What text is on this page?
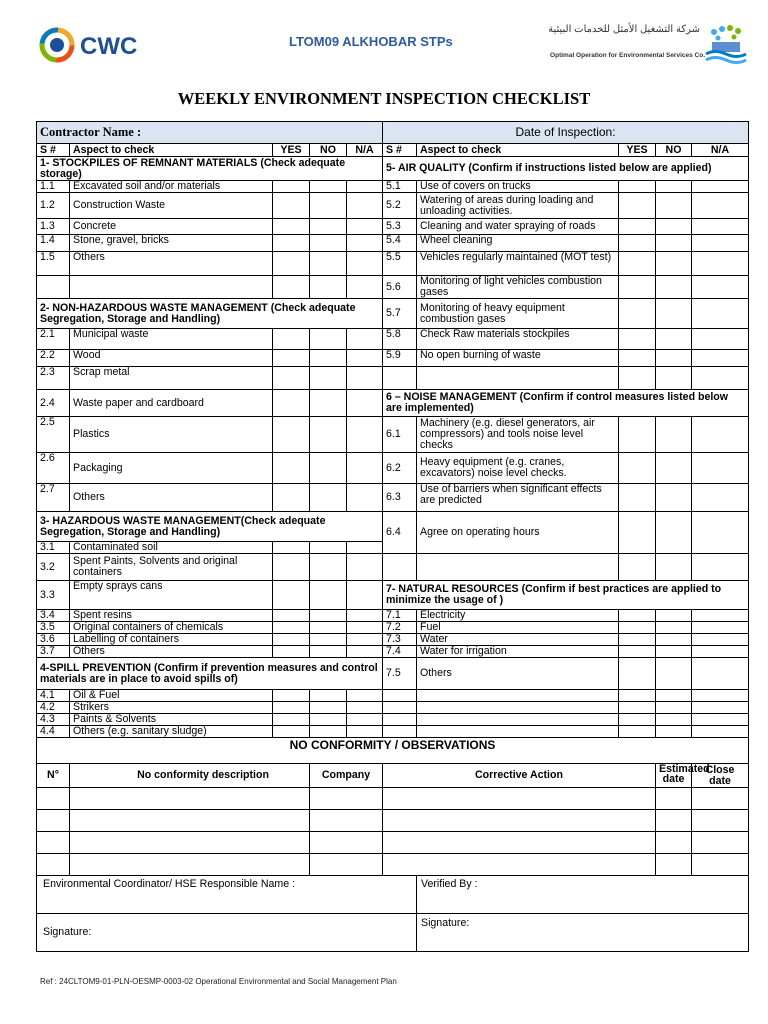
CWC	LTOM09 ALKHOBAR STPs
شركة التشغيل الأمثل للخدمات البيئية
Optimal Operation for Environmental Services Co.
WEEKLY ENVIRONMENT INSPECTION CHECKLIST
Contractor Name :					Date of Inspection:				
S #	Aspect to check	YES	NO	N/A	S #	Aspect to check	YES	NO	N/A
1- STOCKPILES OF REMNANT MATERIALS (Check adequate storage)					5- AIR QUALITY (Confirm if instructions listed below are applied)				
1.1	Excavated soil and/or materials				5.1	Use of covers on trucks			
1.2	Construction Waste				5.2	Watering of areas during loading and unloading activities.			
1.3	Concrete				5.3	Cleaning and water spraying of roads			
1.4	Stone, gravel, bricks				5.4	Wheel cleaning			
1.5	Others				5.5	Vehicles regularly maintained (MOT test)			
					5.6	Monitoring of light vehicles combustion gases			
2- NON-HAZARDOUS WASTE MANAGEMENT (Check adequate Segregation, Storage and Handling)					5.7	Monitoring of heavy equipment combustion gases			
2.1	Municipal waste				5.8	Check Raw materials stockpiles			
2.2	Wood				5.9	No open burning of waste			
2.3	Scrap metal								
2.4	Waste paper and cardboard				6 – NOISE MANAGEMENT (Confirm if control measures listed below are implemented)				
2.5	Plastics				6.1	Machinery (e.g. diesel generators, air compressors) and tools noise level checks			
2.6	Packaging				6.2	Heavy equipment (e.g. cranes, excavators) noise level checks.			
2.7	Others				6.3	Use of barriers when significant effects are predicted			
3- HAZARDOUS WASTE MANAGEMENT(Check adequate Segregation, Storage and Handling)					6.4	Agree on operating hours			
3.1	Contaminated soil								
3.2	Spent Paints, Solvents and original containers								
3.3	Empty sprays cans				7- NATURAL RESOURCES (Confirm if best practices are applied to minimize the usage of )				
3.4	Spent resins				7.1	Electricity			
3.5	Original containers of chemicals				7.2	Fuel			
3.6	Labelling of containers				7.3	Water			
3.7	Others				7.4	Water for irrigation			
4-SPILL PREVENTION (Confirm if prevention measures and control materials are in place to avoid spills of)					7.5	Others			
4.1	Oil & Fuel								
4.2	Strikers								
4.3	Paints & Solvents								
4.4	Others (e.g. sanitary sludge)								
NO CONFORMITY / OBSERVATIONS									
N°	No conformity description		Company		Corrective Action			Estimated date	Close date

Environmental Coordinator/ HSE Responsible Name :						Verified By :			
Signature:						Signature:			
Ref : 24CLTOM9-01-PLN-OESMP-0003-02 Operational Environmental and Social Management Plan
